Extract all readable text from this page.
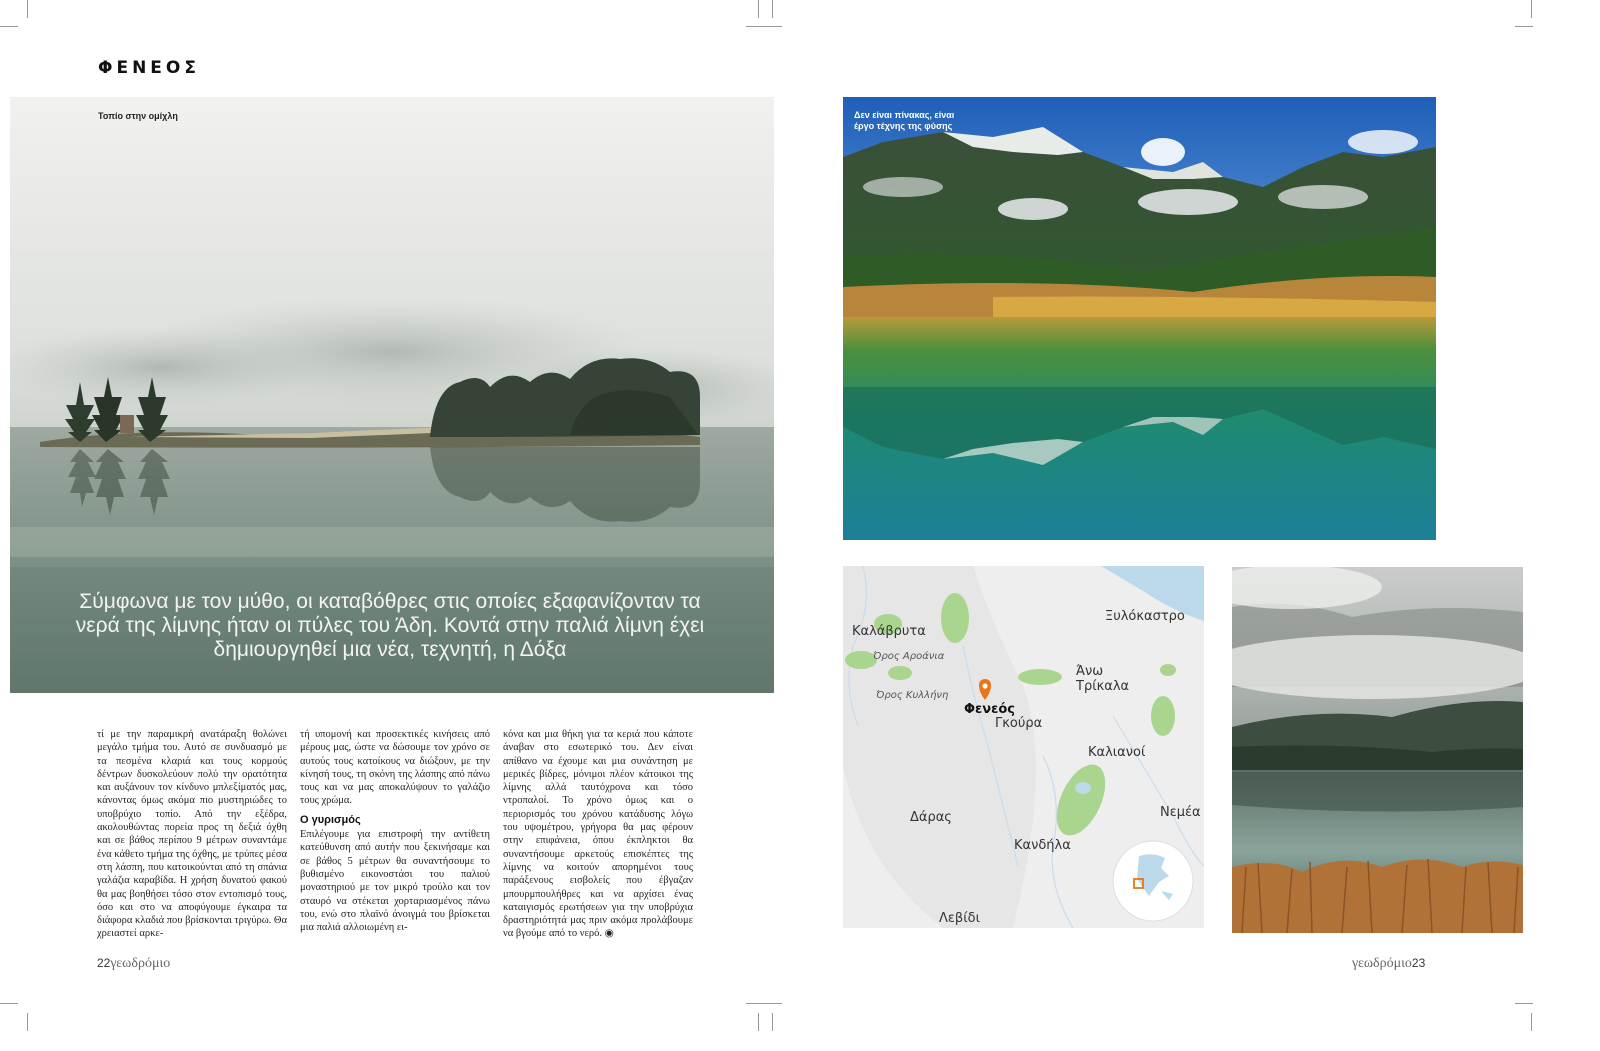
ΦΕΝΕΟΣ
Τοπίο στην ομίχλη
Σύμφωνα με τον μύθο, οι καταβόθρες στις οποίες εξαφανίζονταν τα νερά της λίμνης ήταν οι πύλες του Άδη. Κοντά στην παλιά λίμνη έχει δημιουργηθεί μια νέα, τεχνητή, η Δόξα

τί με την παραμικρή ανατάραξη θολώνει μεγάλο τμήμα του. Αυτό σε συνδυασμό με τα πεσμένα κλαριά και τους κορμούς δέντρων δυσκολεύουν πολύ την ορατότητα και αυξάνουν τον κίνδυνο μπλεξίματός μας, κάνοντας όμως ακόμα πιο μυστηριώδες το υποβρύχιο τοπίο. Από την εξέδρα, ακολουθώντας πορεία προς τη δεξιά όχθη και σε βάθος περίπου 9 μέτρων συναντάμε ένα κάθετο τμήμα της όχθης, με τρύπες μέσα στη λάσπη, που κατοικούνται από τη σπάνια γαλάζια καραβίδα. Η χρήση δυνατού φακού θα μας βοηθήσει τόσο στον εντοπισμό τους, όσο και στο να αποφύγουμε έγκαιρα τα διάφορα κλαδιά που βρίσκονται τριγύρω. Θα χρειαστεί αρκε-

τή υπομονή και προσεκτικές κινήσεις από μέρους μας, ώστε να δώσουμε τον χρόνο σε αυτούς τους κατοίκους να διώξουν, με την κίνησή τους, τη σκόνη της λάσπης από πάνω τους και να μας αποκαλύψουν το γαλάζιο τους χρώμα.

Ο γυρισμός

Επιλέγουμε για επιστροφή την αντίθετη κατεύθυνση από αυτήν που ξεκινήσαμε και σε βάθος 5 μέτρων θα συναντήσουμε το βυθισμένο εικονοστάσι του παλιού μοναστηριού με τον μικρό τρούλο και τον σταυρό να στέκεται χορταριασμένος πάνω του, ενώ στο πλαϊνό άνοιγμά του βρίσκεται μια παλιά αλλοιωμένη ει-

κόνα και μια θήκη για τα κεριά που κάποτε άναβαν στο εσωτερικό του. Δεν είναι απίθανο να έχουμε και μια συνάντηση με μερικές βίδρες, μόνιμοι πλέον κάτοικοι της λίμνης αλλά ταυτόχρονα και τόσο ντροπαλοί. Το χρόνο όμως και ο περιορισμός του χρόνου κατάδυσης λόγω του υψομέτρου, γρήγορα θα μας φέρουν στην επιφάνεια, όπου έκπληκτοι θα συναντήσουμε αρκετούς επισκέπτες της λίμνης να κοιτούν απορημένοι τους παράξενους εισβολείς που έβγαζαν μπουρμπουλήθρες και να αρχίσει ένας καταιγισμός ερωτήσεων για την υποβρύχια δραστηριότητά μας πριν ακόμα προλάβουμε να βγούμε από το νερό. ◉

22γεωδρόμιο
Δεν είναι πίνακας, είναι έργο τέχνης της φύσης
Καλάβρυτα
Ξυλόκαστρο
Όρος Αροάνια
Όρος Κυλλήνη
Άνω Τρίκαλα
Φενεός
Γκούρα
Καλιανοί
Δάρας	Νεμέα
Κανδήλα
Λεβίδι
γεωδρόμιο23
